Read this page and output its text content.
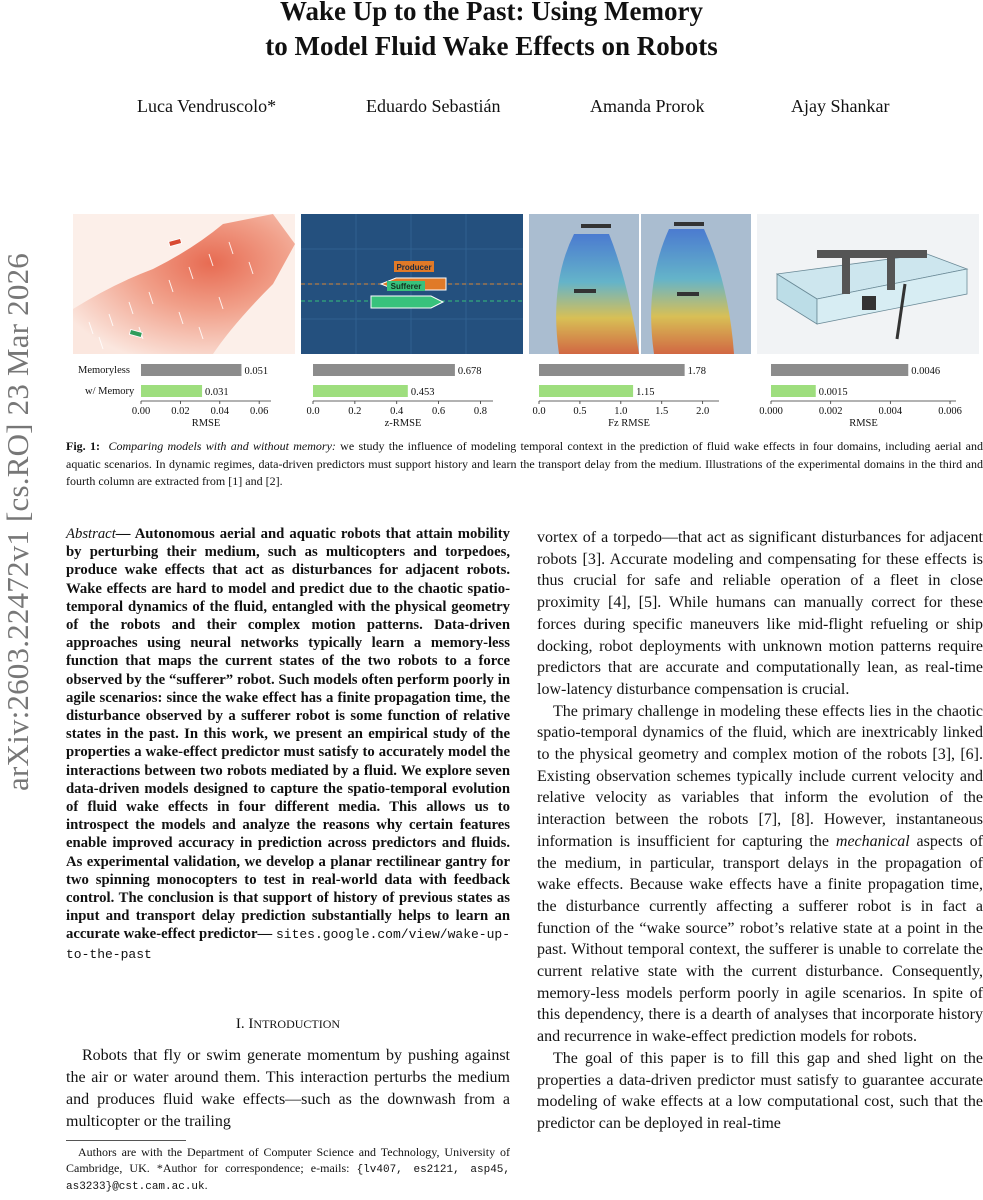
arXiv:2603.22472v1 [cs.RO] 23 Mar 2026
Wake Up to the Past: Using Memory
to Model Fluid Wake Effects on Robots
Luca Vendruscolo*	Eduardo Sebastián	Amanda Prorok	Ajay Shankar
Producer
Sufferer
Memoryless
w/ Memory
0.051
0.031
0.00 0.02 0.04 0.06
RMSE
0.678
0.453
0.0	0.2	0.4	0.6	0.8
z-RMSE
1.78
1.15
0.0	0.5	1.0	1.5	2.0
Fz RMSE
0.0046
0.0015
0.000	0.002	0.004	0.006
RMSE
Fig. 1: Comparing models with and without memory: we study the influence of modeling temporal context in the prediction of fluid wake effects in four domains, including aerial and aquatic scenarios. In dynamic regimes, data-driven predictors must support history and learn the transport delay from the medium. Illustrations of the experimental domains in the third and fourth column are extracted from [1] and [2].
Abstract— Autonomous aerial and aquatic robots that attain mobility by perturbing their medium, such as multicopters and torpedoes, produce wake effects that act as disturbances for adjacent robots. Wake effects are hard to model and predict due to the chaotic spatio-temporal dynamics of the fluid, entangled with the physical geometry of the robots and their complex motion patterns. Data-driven approaches using neural networks typically learn a memory-less function that maps the current states of the two robots to a force observed by the “sufferer” robot. Such models often perform poorly in agile scenarios: since the wake effect has a finite propagation time, the disturbance observed by a sufferer robot is some function of relative states in the past. In this work, we present an empirical study of the properties a wake-effect predictor must satisfy to accurately model the interactions between two robots mediated by a fluid. We explore seven data-driven models designed to capture the spatio-temporal evolution of fluid wake effects in four different media. This allows us to introspect the models and analyze the reasons why certain features enable improved accuracy in prediction across predictors and fluids. As experimental validation, we develop a planar rectilinear gantry for two spinning monocopters to test in real-world data with feedback control. The conclusion is that support of history of previous states as input and transport delay prediction substantially helps to learn an accurate wake-effect predictor— sites.google.com/view/wake-up-to-the-past
I. INTRODUCTION
Robots that fly or swim generate momentum by pushing against the air or water around them. This interaction perturbs the medium and produces fluid wake effects—such as the downwash from a multicopter or the trailing
Authors are with the Department of Computer Science and Technology, University of Cambridge, UK. *Author for correspondence; e-mails: {lv407, es2121, asp45, as3233}@cst.cam.ac.uk.

vortex of a torpedo—that act as significant disturbances for adjacent robots [3]. Accurate modeling and compensating for these effects is thus crucial for safe and reliable operation of a fleet in close proximity [4], [5]. While humans can manually correct for these forces during specific maneuvers like mid-flight refueling or ship docking, robot deployments with unknown motion patterns require predictors that are accurate and computationally lean, as real-time low-latency disturbance compensation is crucial.

The primary challenge in modeling these effects lies in the chaotic spatio-temporal dynamics of the fluid, which are inextricably linked to the physical geometry and complex motion of the robots [3], [6]. Existing observation schemes typically include current velocity and relative velocity as variables that inform the evolution of the interaction between the robots [7], [8]. However, instantaneous information is insufficient for capturing the mechanical aspects of the medium, in particular, transport delays in the propagation of wake effects. Because wake effects have a finite propagation time, the disturbance currently affecting a sufferer robot is in fact a function of the “wake source” robot’s relative state at a point in the past. Without temporal context, the sufferer is unable to correlate the current relative state with the current disturbance. Consequently, memory-less models perform poorly in agile scenarios. In spite of this dependency, there is a dearth of analyses that incorporate history and recurrence in wake-effect prediction models for robots.

The goal of this paper is to fill this gap and shed light on the properties a data-driven predictor must satisfy to guarantee accurate modeling of wake effects at a low computational cost, such that the predictor can be deployed in real-time
